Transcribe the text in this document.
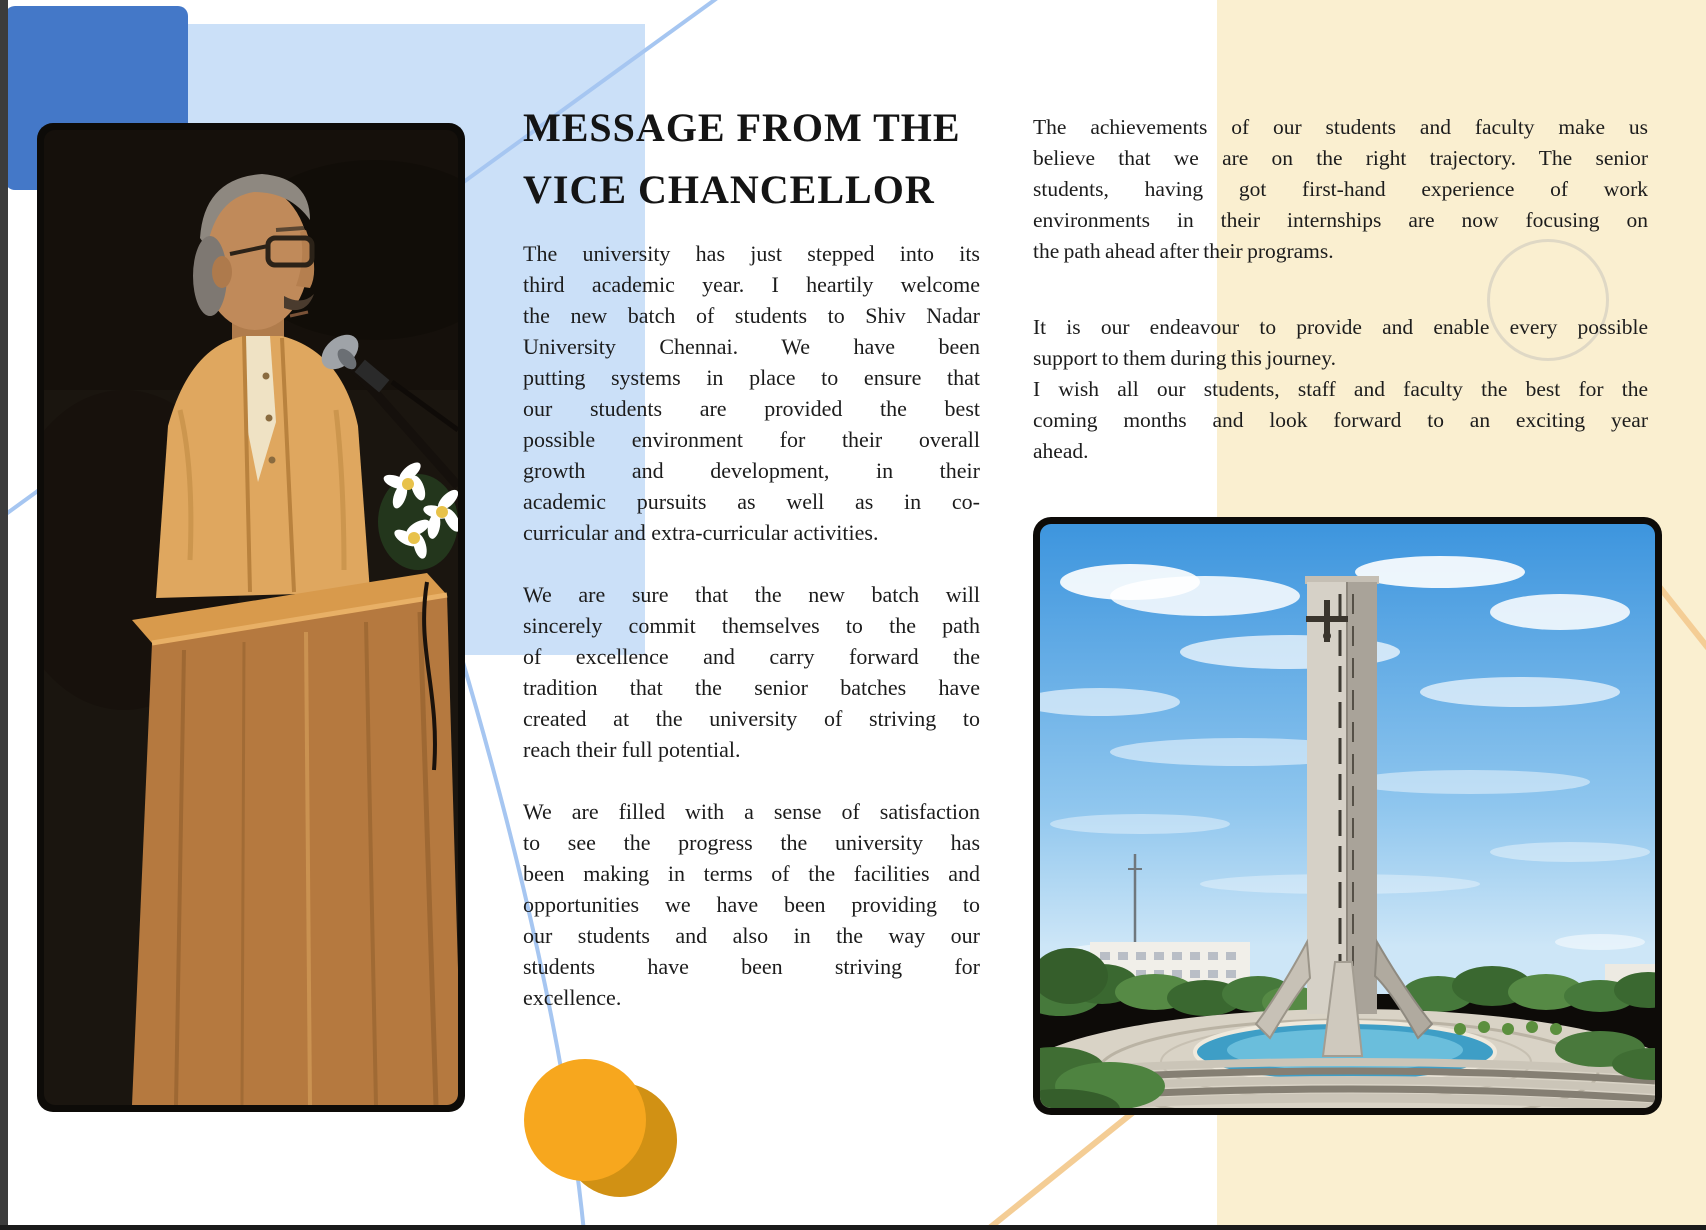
MESSAGE FROM THE
VICE CHANCELLOR
The university has just stepped into its
third academic year. I heartily welcome
the new batch of students to Shiv Nadar
University Chennai. We have been
putting systems in place to ensure that
our students are provided the best
possible environment for their overall
growth and development, in their
academic pursuits as well as in co-
curricular and extra-curricular activities.
We are sure that the new batch will
sincerely commit themselves to the path
of excellence and carry forward the
tradition that the senior batches have
created at the university of striving to
reach their full potential.
We are filled with a sense of satisfaction
to see the progress the university has
been making in terms of the facilities and
opportunities we have been providing to
our students and also in the way our
students have been striving for
excellence.
The achievements of our students and faculty make us
believe that we are on the right trajectory. The senior
students, having got first-hand experience of work
environments in their internships are now focusing on
the path ahead after their programs.
It is our endeavour to provide and enable every possible
support to them during this journey.
I wish all our students, staff and faculty the best for the
coming months and look forward to an exciting year
ahead.
